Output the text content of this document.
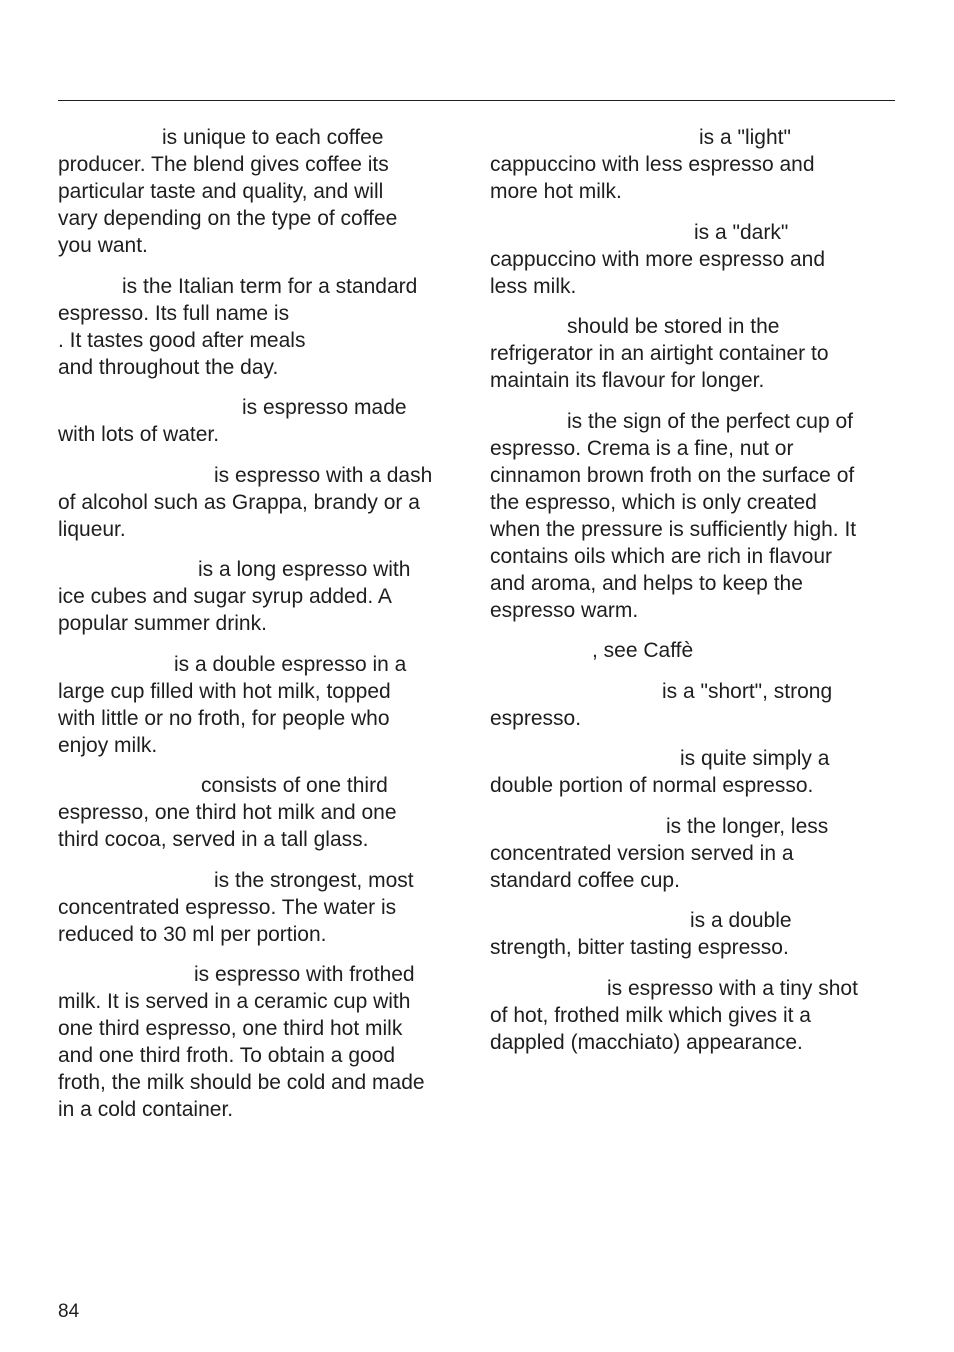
is unique to each coffee
producer. The blend gives coffee its
particular taste and quality, and will
vary depending on the type of coffee
you want.

is the Italian term for a standard
espresso. Its full name is
. It tastes good after meals
and throughout the day.

is espresso made
with lots of water.

is espresso with a dash
of alcohol such as Grappa, brandy or a
liqueur.

is a long espresso with
ice cubes and sugar syrup added. A
popular summer drink.

is a double espresso in a
large cup filled with hot milk, topped
with little or no froth, for people who
enjoy milk.

consists of one third
espresso, one third hot milk and one
third cocoa, served in a tall glass.

is the strongest, most
concentrated espresso. The water is
reduced to 30 ml per portion.

is espresso with frothed
milk. It is served in a ceramic cup with
one third espresso, one third hot milk
and one third froth. To obtain a good
froth, the milk should be cold and made
in a cold container.

is a "light"
cappuccino with less espresso and
more hot milk.

is a "dark"
cappuccino with more espresso and
less milk.

should be stored in the
refrigerator in an airtight container to
maintain its flavour for longer.

is the sign of the perfect cup of
espresso. Crema is a fine, nut or
cinnamon brown froth on the surface of
the espresso, which is only created
when the pressure is sufficiently high. It
contains oils which are rich in flavour
and aroma, and helps to keep the
espresso warm.

, see Caffè

is a "short", strong
espresso.

is quite simply a
double portion of normal espresso.

is the longer, less
concentrated version served in a
standard coffee cup.

is a double
strength, bitter tasting espresso.

is espresso with a tiny shot
of hot, frothed milk which gives it a
dappled (macchiato) appearance.

84
